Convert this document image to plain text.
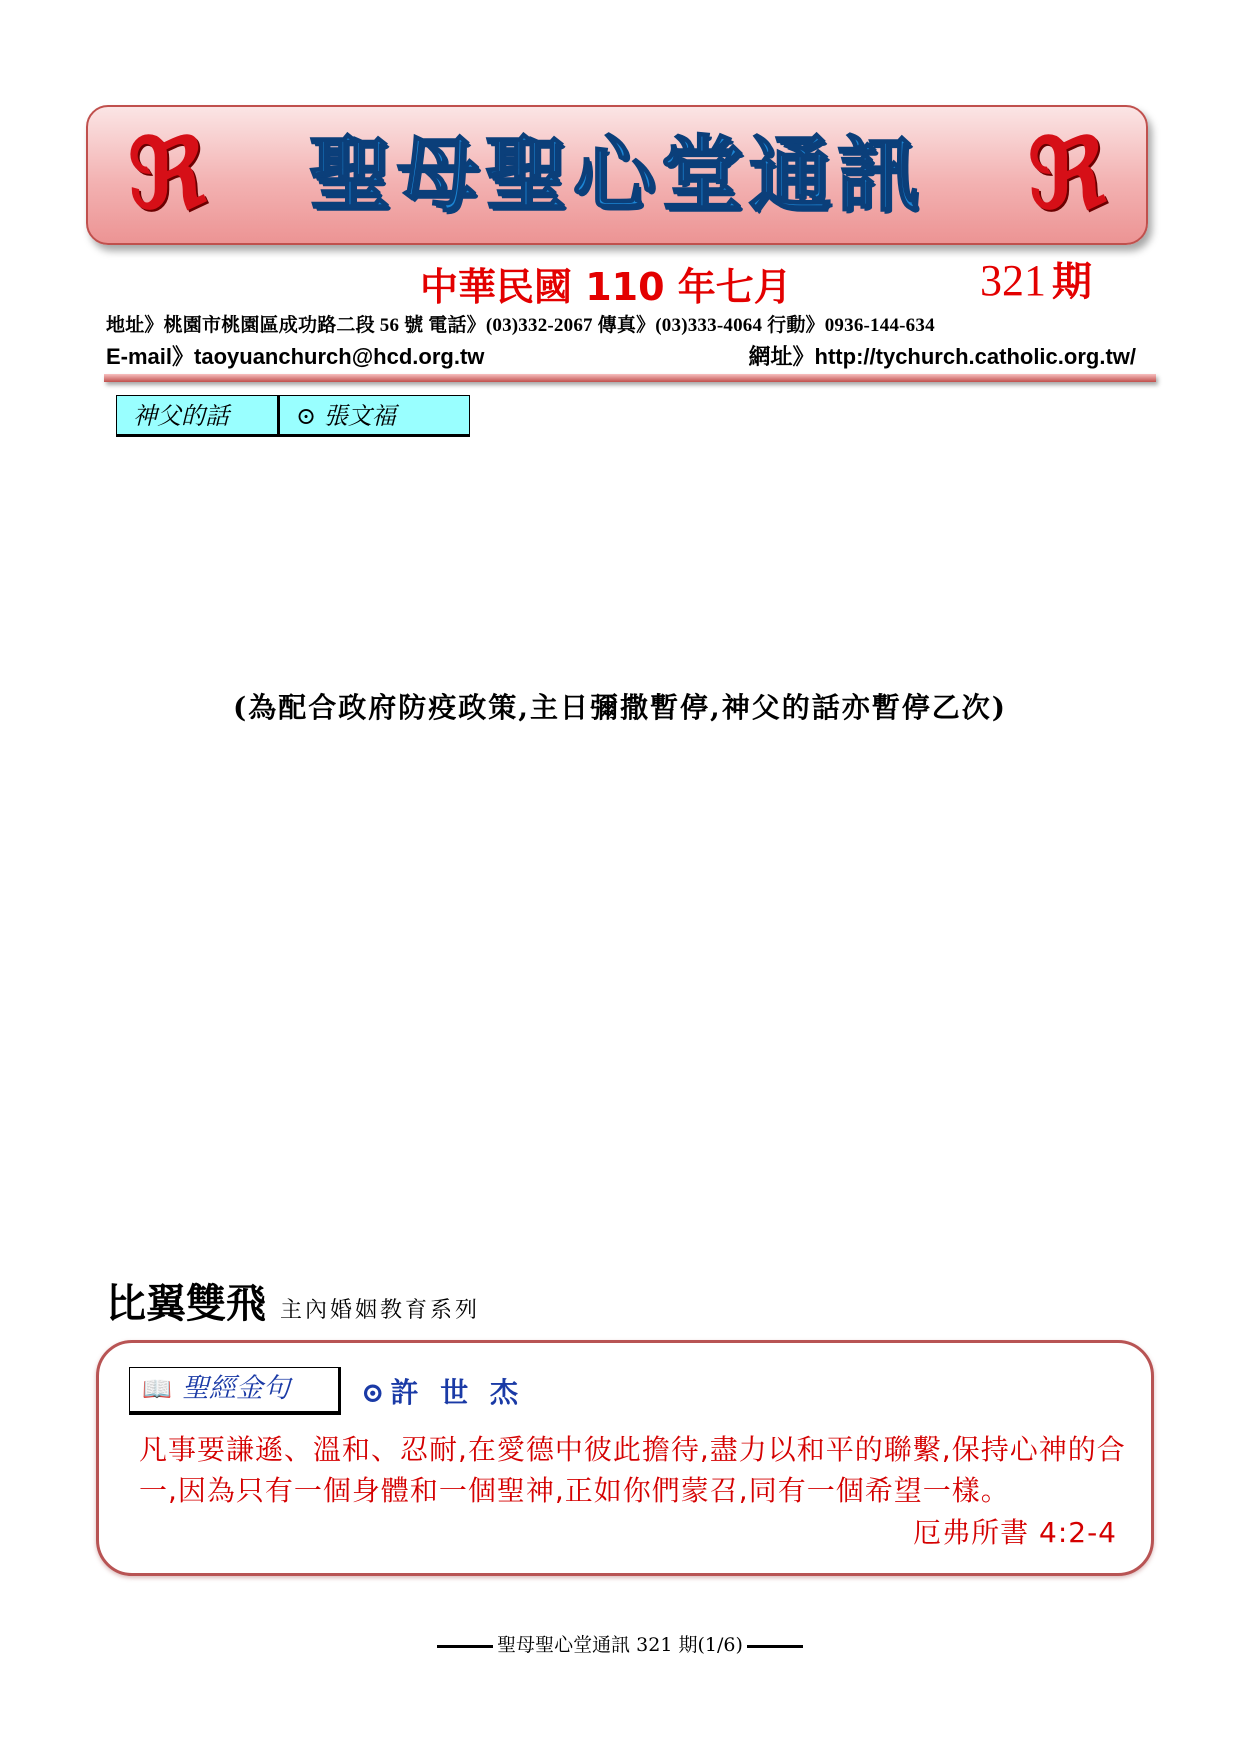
ℜ	聖母聖心堂通訊	ℜ
中華民國 110 年七月	321 期
地址》桃園市桃園區成功路二段 56 號 電話》(03)332-2067 傳真》(03)333-4064 行動》0936-144-634
E-mail》taoyuanchurch@hcd.org.tw	網址》http://tychurch.catholic.org.tw/
神父的話	⊙ 張文福
(為配合政府防疫政策,主日彌撒暫停,神父的話亦暫停乙次)
比翼雙飛 主內婚姻教育系列
📖 聖經金句	⊙許 世 杰
凡事要謙遜、溫和、忍耐,在愛德中彼此擔待,盡力以和平的聯繫,保持心神的合一,因為只有一個身體和一個聖神,正如你們蒙召,同有一個希望一樣。
厄弗所書 4:2-4
聖母聖心堂通訊 321 期(1/6)
